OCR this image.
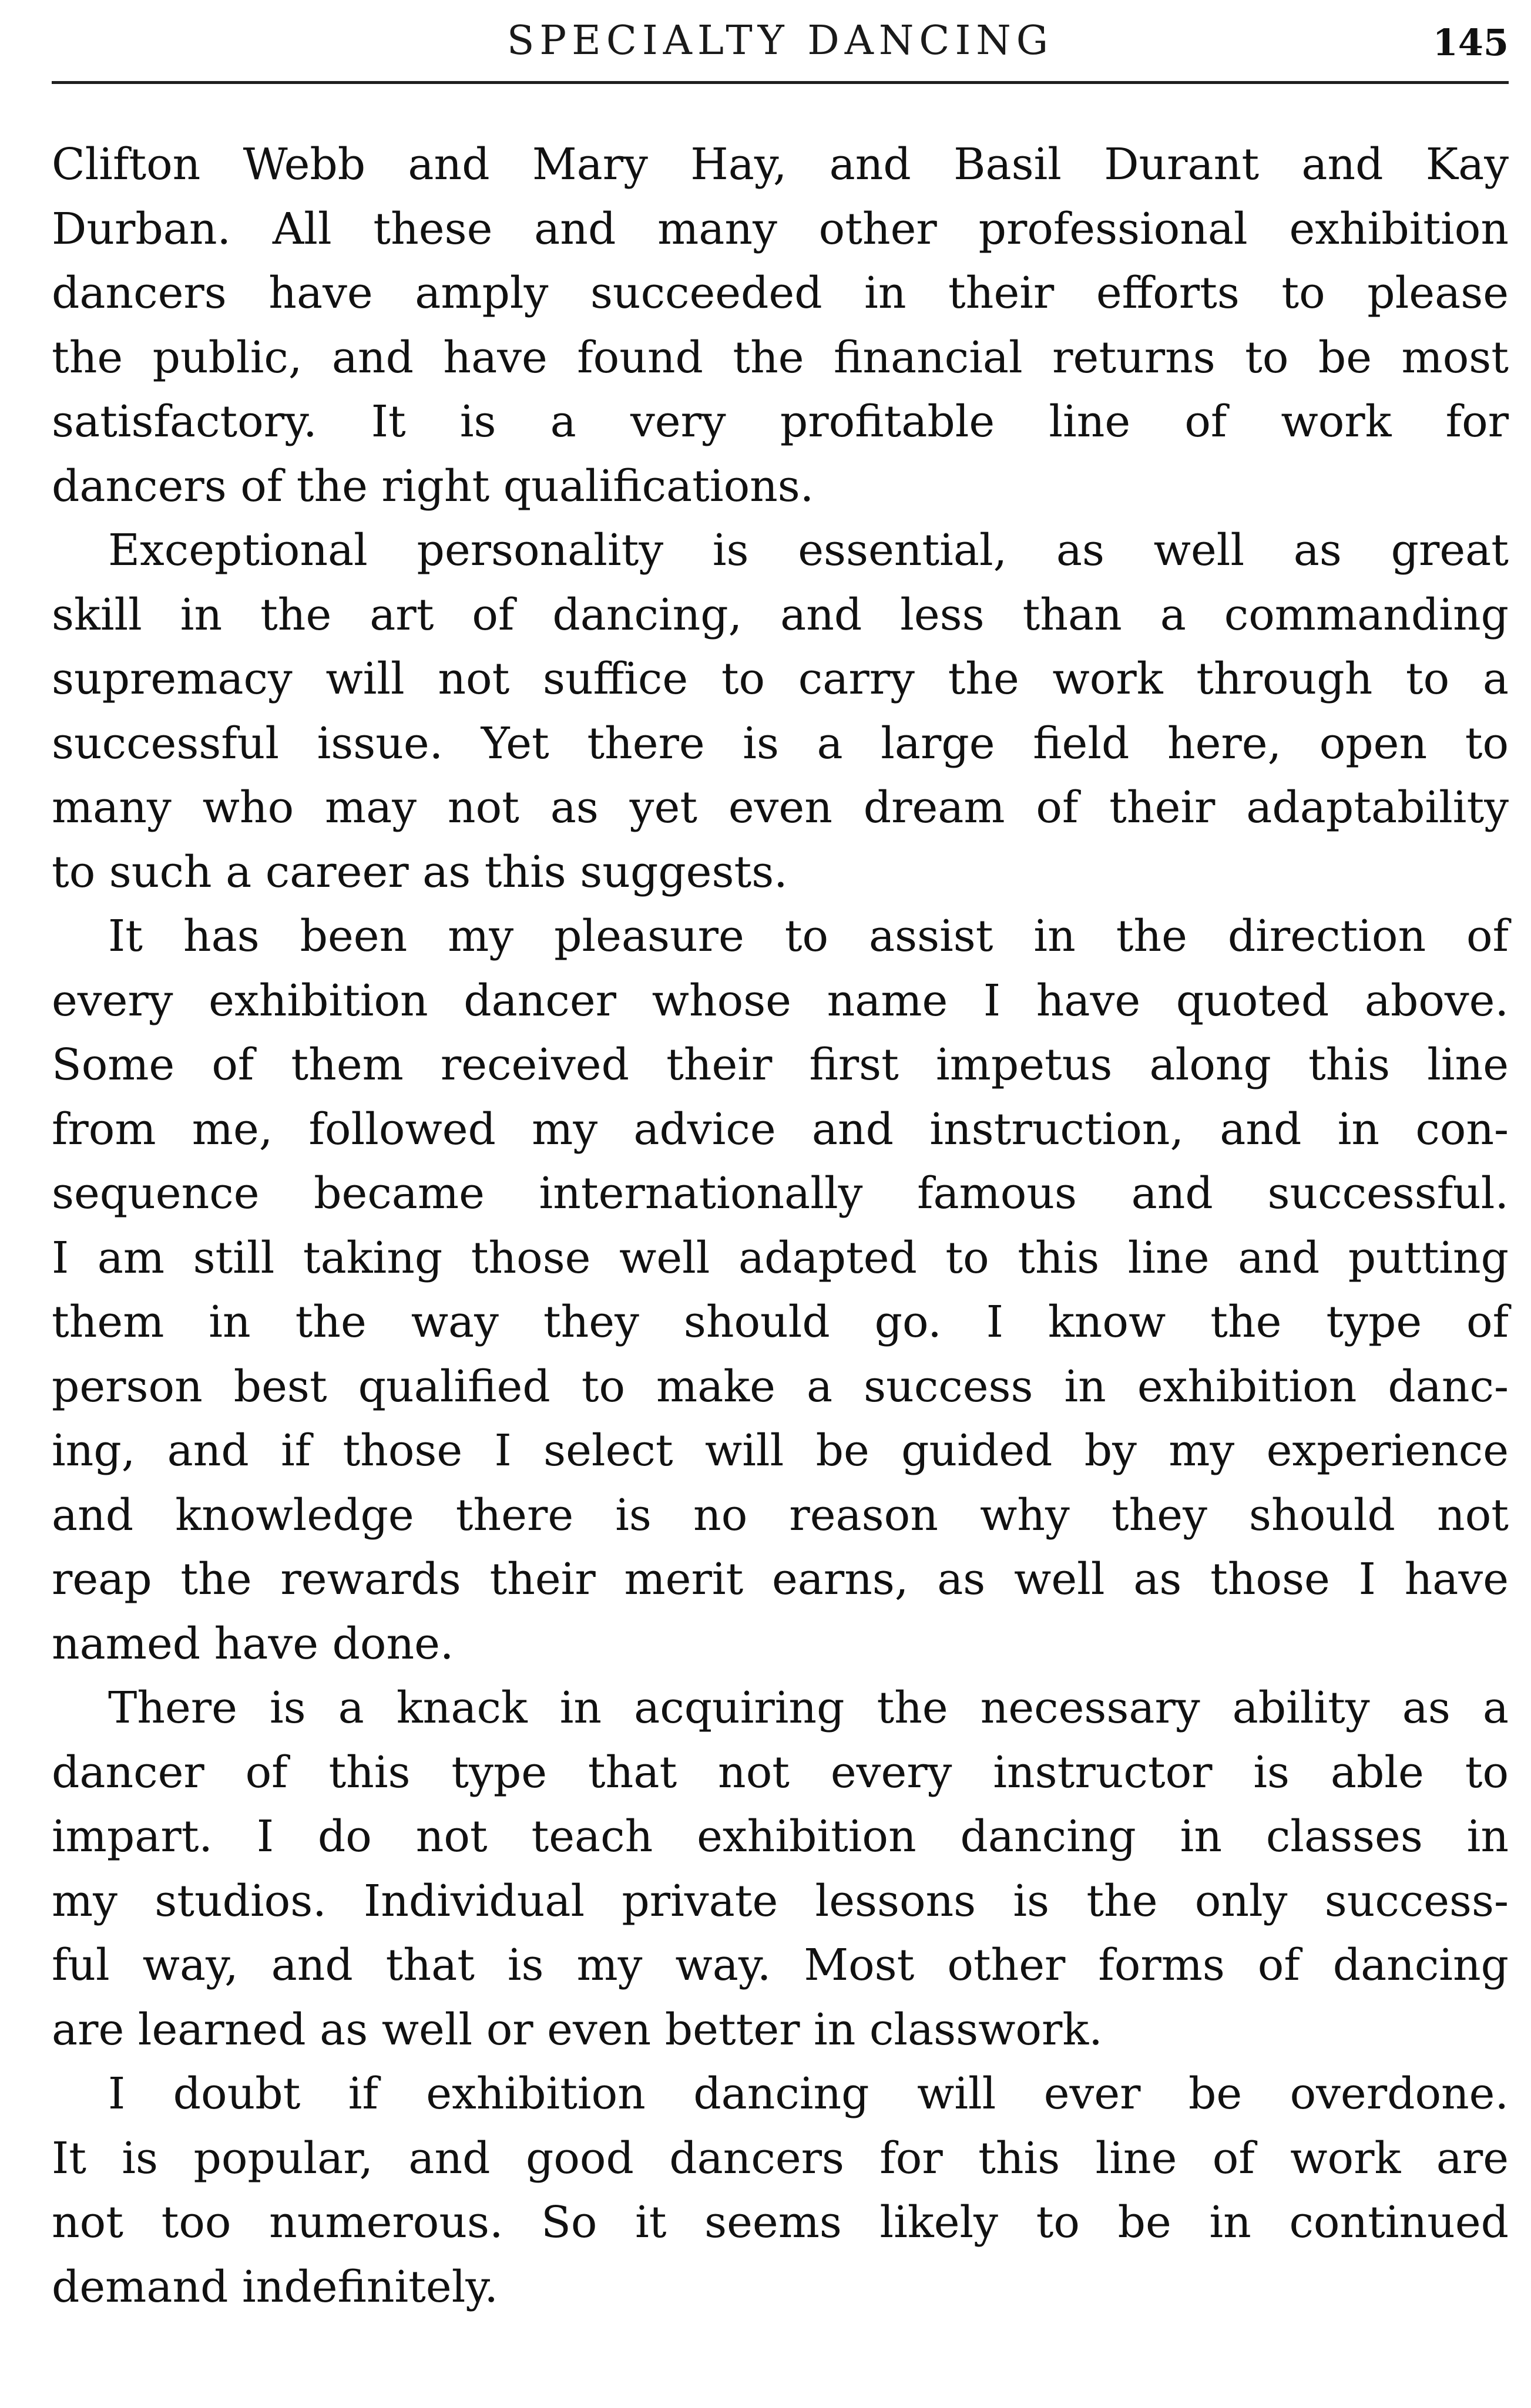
SPECIALTY DANCING	145
Clifton Webb and Mary Hay, and Basil Durant and Kay
Durban. All these and many other professional exhibition
dancers have amply succeeded in their efforts to please
the public, and have found the financial returns to be most
satisfactory. It is a very profitable line of work for
dancers of the right qualifications.
Exceptional personality is essential, as well as great
skill in the art of dancing, and less than a commanding
supremacy will not suffice to carry the work through to a
successful issue. Yet there is a large field here, open to
many who may not as yet even dream of their adaptability
to such a career as this suggests.
It has been my pleasure to assist in the direction of
every exhibition dancer whose name I have quoted above.
Some of them received their first impetus along this line
from me, followed my advice and instruction, and in con-
sequence became internationally famous and successful.
I am still taking those well adapted to this line and putting
them in the way they should go. I know the type of
person best qualified to make a success in exhibition danc-
ing, and if those I select will be guided by my experience
and knowledge there is no reason why they should not
reap the rewards their merit earns, as well as those I have
named have done.
There is a knack in acquiring the necessary ability as a
dancer of this type that not every instructor is able to
impart. I do not teach exhibition dancing in classes in
my studios. Individual private lessons is the only success-
ful way, and that is my way. Most other forms of dancing
are learned as well or even better in classwork.
I doubt if exhibition dancing will ever be overdone.
It is popular, and good dancers for this line of work are
not too numerous. So it seems likely to be in continued
demand indefinitely.
